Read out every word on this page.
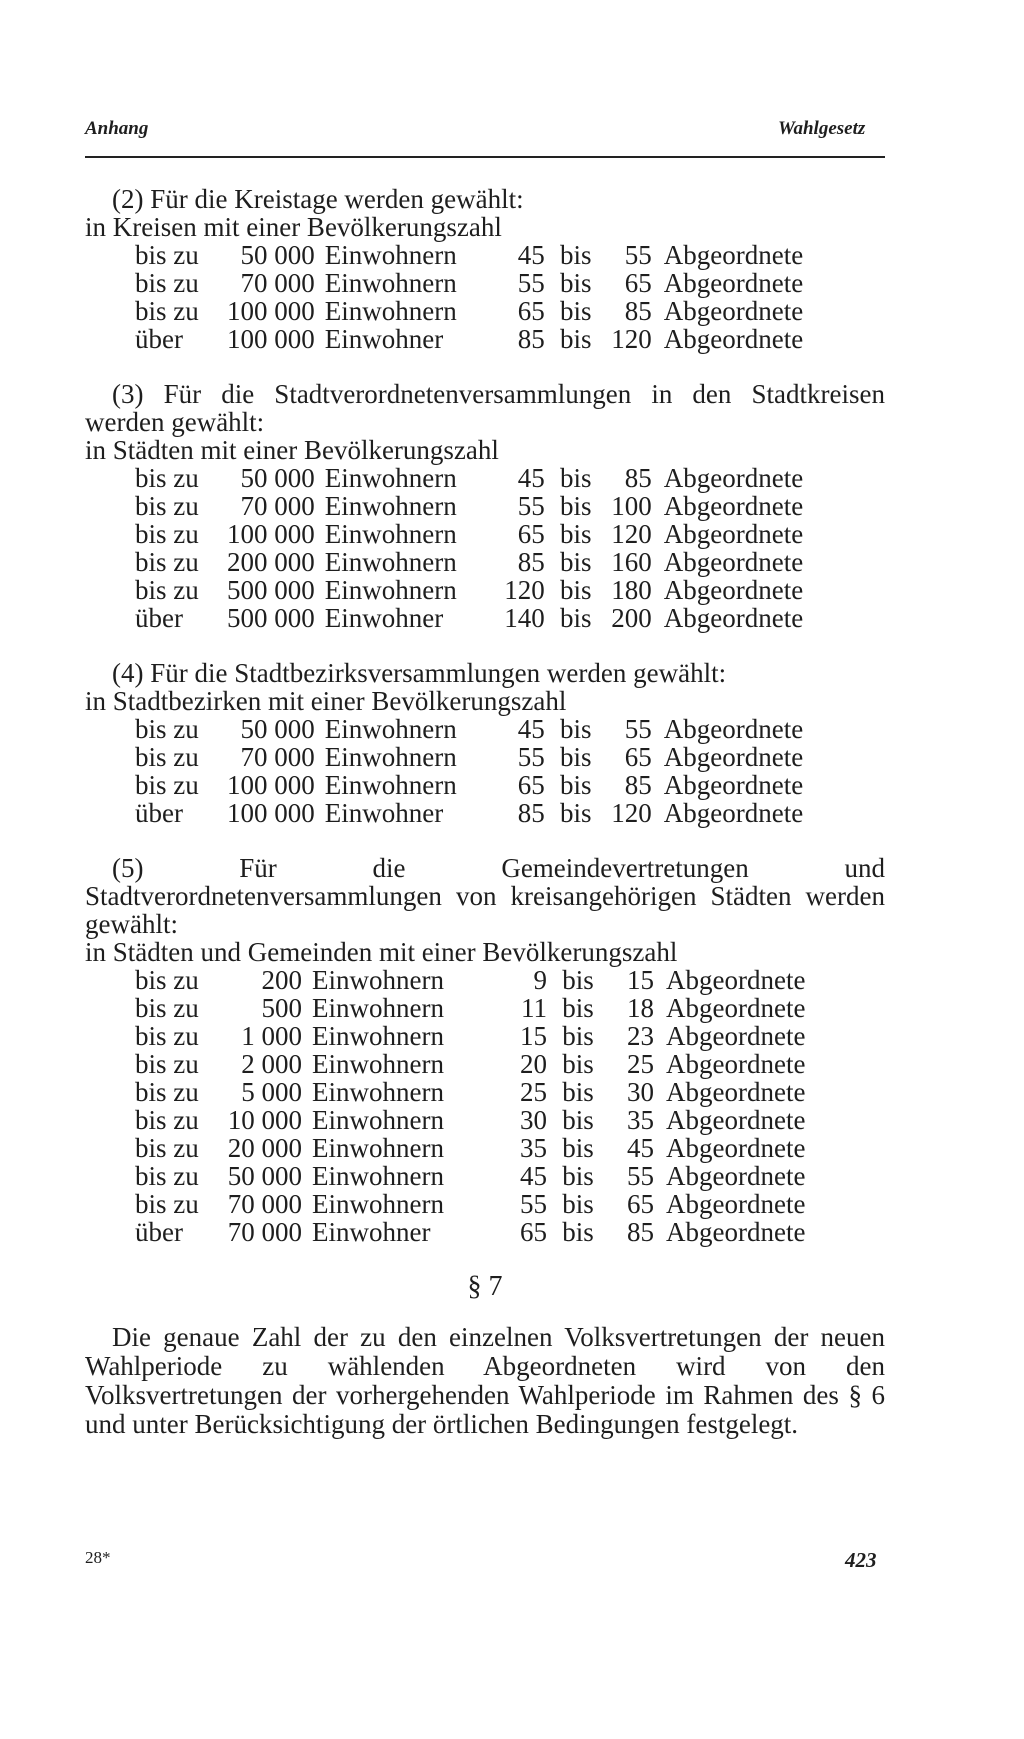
Anhang	Wahlgesetz

(2) Für die Kreistage werden gewählt:

in Kreisen mit einer Bevölkerungszahl

bis zu	50 000	Einwohnern	45	bis	55	Abgeordnete
bis zu	70 000	Einwohnern	55	bis	65	Abgeordnete
bis zu	100 000	Einwohnern	65	bis	85	Abgeordnete
über	100 000	Einwohner	85	bis	120	Abgeordnete

(3) Für die Stadtverordnetenversammlungen in den Stadtkreisen werden gewählt:

in Städten mit einer Bevölkerungszahl

bis zu	50 000	Einwohnern	45	bis	85	Abgeordnete
bis zu	70 000	Einwohnern	55	bis	100	Abgeordnete
bis zu	100 000	Einwohnern	65	bis	120	Abgeordnete
bis zu	200 000	Einwohnern	85	bis	160	Abgeordnete
bis zu	500 000	Einwohnern	120	bis	180	Abgeordnete
über	500 000	Einwohner	140	bis	200	Abgeordnete

(4) Für die Stadtbezirksversammlungen werden gewählt:

in Stadtbezirken mit einer Bevölkerungszahl

bis zu	50 000	Einwohnern	45	bis	55	Abgeordnete
bis zu	70 000	Einwohnern	55	bis	65	Abgeordnete
bis zu	100 000	Einwohnern	65	bis	85	Abgeordnete
über	100 000	Einwohner	85	bis	120	Abgeordnete

(5) Für die Gemeindevertretungen und Stadtverordnetenversammlungen von kreisangehörigen Städten werden gewählt:

in Städten und Gemeinden mit einer Bevölkerungszahl

bis zu	200	Einwohnern	9	bis	15	Abgeordnete
bis zu	500	Einwohnern	11	bis	18	Abgeordnete
bis zu	1 000	Einwohnern	15	bis	23	Abgeordnete
bis zu	2 000	Einwohnern	20	bis	25	Abgeordnete
bis zu	5 000	Einwohnern	25	bis	30	Abgeordnete
bis zu	10 000	Einwohnern	30	bis	35	Abgeordnete
bis zu	20 000	Einwohnern	35	bis	45	Abgeordnete
bis zu	50 000	Einwohnern	45	bis	55	Abgeordnete
bis zu	70 000	Einwohnern	55	bis	65	Abgeordnete
über	70 000	Einwohner	65	bis	85	Abgeordnete
§ 7

Die genaue Zahl der zu den einzelnen Volksvertretungen der neuen Wahlperiode zu wählenden Abgeordneten wird von den Volksvertretungen der vorhergehenden Wahlperiode im Rahmen des § 6 und unter Berücksichtigung der örtlichen Bedingungen festgelegt.

28*	423
